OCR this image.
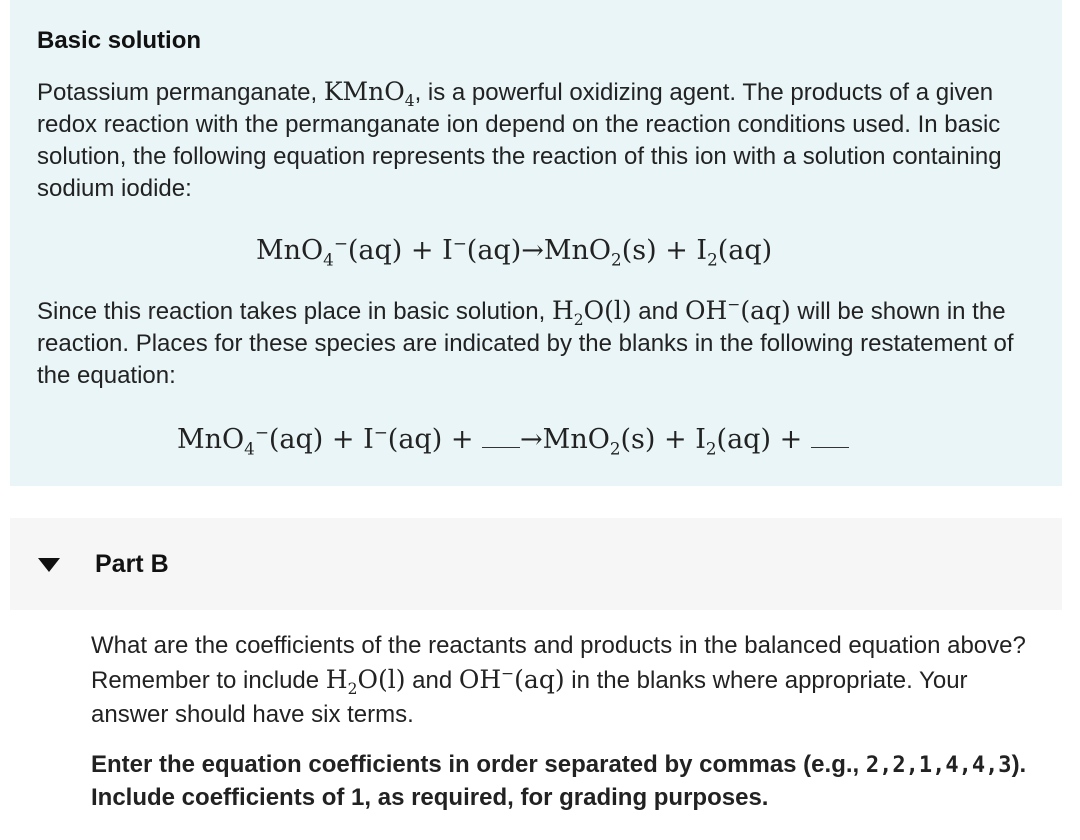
Basic solution

Potassium permanganate, KMnO$_4$, is a powerful oxidizing agent. The products of a given redox reaction with the permanganate ion depend on the reaction conditions used. In basic solution, the following equation represents the reaction of this ion with a solution containing sodium iodide:

$MnO_4^-(aq) + I^-(aq)\to MnO_2(s) + I_2(aq)$

Since this reaction takes place in basic solution, $H_2O(l)$ and OH−(aq) will be shown in the reaction. Places for these species are indicated by the blanks in the following restatement of the equation:

$MnO_4^-(aq) + I^-(aq) + \to MnO_2(s) + I_2(aq)$ +
Part B

What are the coefficients of the reactants and products in the balanced equation above? Remember to include $H_2O(l)$ and OH−(aq) in the blanks where appropriate. Your answer should have six terms.

Enter the equation coefficients in order separated by commas (e.g., 2,2,1,4,4,3). Include coefficients of 1, as required, for grading purposes.
